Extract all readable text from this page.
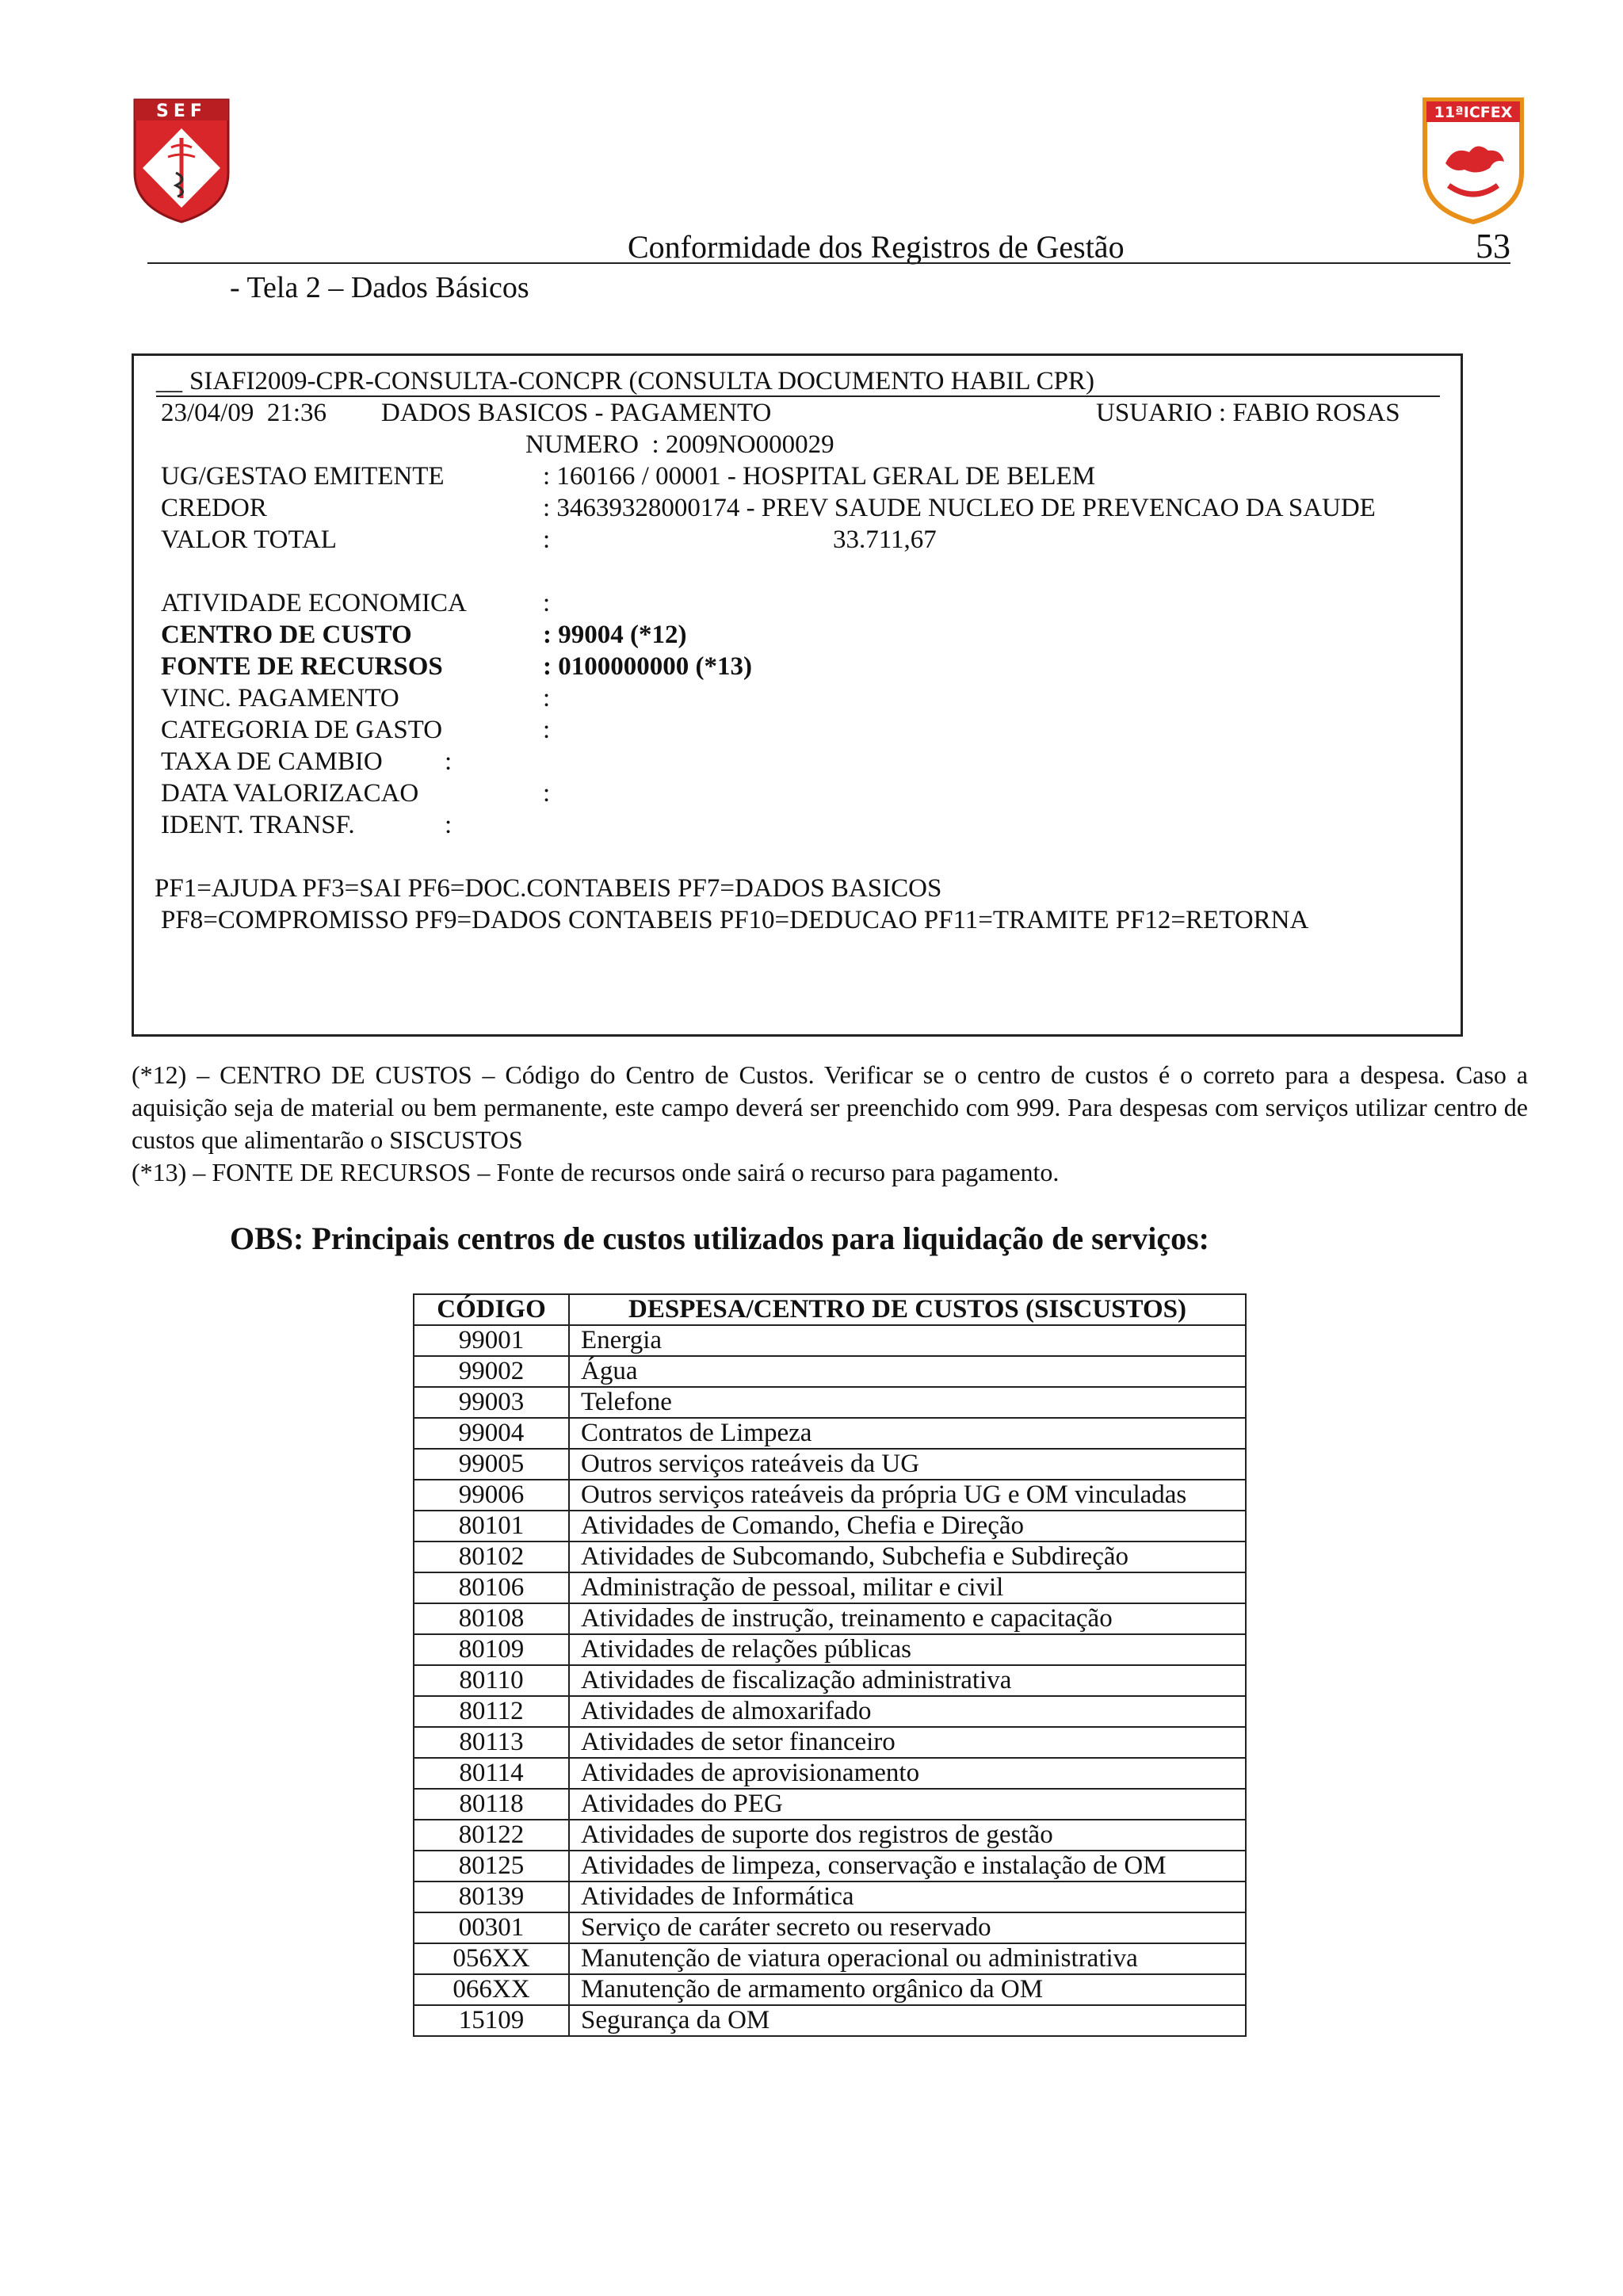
SEF	11ªICFEX
Conformidade dos Registros de Gestão	53
- Tela 2 – Dados Básicos
__ SIAFI2009-CPR-CONSULTA-CONCPR (CONSULTA DOCUMENTO HABIL CPR)
23/04/09  21:36 DADOS BASICOS - PAGAMENTO	USUARIO : FABIO ROSAS
NUMERO  : 2009NO000029
UG/GESTAO EMITENTE	: 160166 / 00001 - HOSPITAL GERAL DE BELEM
CREDOR	: 34639328000174 - PREV SAUDE NUCLEO DE PREVENCAO DA SAUDE
VALOR TOTAL	:	33.711,67
ATIVIDADE ECONOMICA	:
CENTRO DE CUSTO	: 99004 (*12)
FONTE DE RECURSOS	: 0100000000 (*13)
VINC. PAGAMENTO	:
CATEGORIA DE GASTO	:
TAXA DE CAMBIO :
DATA VALORIZACAO	:
IDENT. TRANSF.	:
PF1=AJUDA PF3=SAI PF6=DOC.CONTABEIS PF7=DADOS BASICOS
PF8=COMPROMISSO PF9=DADOS CONTABEIS PF10=DEDUCAO PF11=TRAMITE PF12=RETORNA

(*12) – CENTRO DE CUSTOS – Código do Centro de Custos. Verificar se o centro de custos é o correto para a despesa. Caso a aquisição seja de material ou bem permanente, este campo deverá ser preenchido com 999. Para despesas com serviços utilizar centro de custos que alimentarão o SISCUSTOS

(*13) – FONTE DE RECURSOS – Fonte de recursos onde sairá o recurso para pagamento.

OBS: Principais centros de custos utilizados para liquidação de serviços:
CÓDIGO	DESPESA/CENTRO DE CUSTOS (SISCUSTOS)
99001	Energia
99002	Água
99003	Telefone
99004	Contratos de Limpeza
99005	Outros serviços rateáveis da UG
99006	Outros serviços rateáveis da própria UG e OM vinculadas
80101	Atividades de Comando, Chefia e Direção
80102	Atividades de Subcomando, Subchefia e Subdireção
80106	Administração de pessoal, militar e civil
80108	Atividades de instrução, treinamento e capacitação
80109	Atividades de relações públicas
80110	Atividades de fiscalização administrativa
80112	Atividades de almoxarifado
80113	Atividades de setor financeiro
80114	Atividades de aprovisionamento
80118	Atividades do PEG
80122	Atividades de suporte dos registros de gestão
80125	Atividades de limpeza, conservação e instalação de OM
80139	Atividades de Informática
00301	Serviço de caráter secreto ou reservado
056XX	Manutenção de viatura operacional ou administrativa
066XX	Manutenção de armamento orgânico da OM
15109	Segurança da OM
